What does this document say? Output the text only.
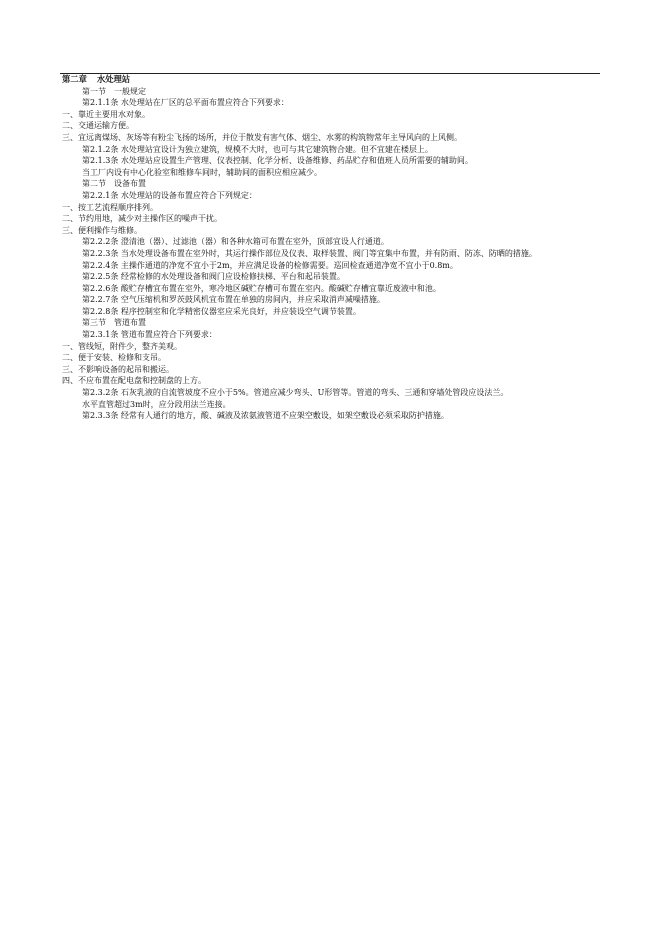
第二章 水处理站

第一节　一般规定

第2.1.1条 水处理站在厂区的总平面布置应符合下列要求：

一、靠近主要用水对象。

二、交通运输方便。

三、宜远离煤场、灰场等有粉尘飞扬的场所，并位于散发有害气体、烟尘、水雾的构筑物常年主导风向的上风侧。

第2.1.2条 水处理站宜设计为独立建筑，规模不大时，也可与其它建筑物合建。但不宜建在楼层上。

第2.1.3条 水处理站应设置生产管理、仪表控制、化学分析、设备维修、药品贮存和值班人员所需要的辅助间。

当工厂内设有中心化验室和维修车间时，辅助间的面积应相应减少。

第二节　设备布置

第2.2.1条 水处理站的设备布置应符合下列规定：

一、按工艺流程顺序排列。

二、节约用地，减少对主操作区的噪声干扰。

三、便利操作与维修。

第2.2.2条 澄清池（器）、过滤池（器）和各种水箱可布置在室外，顶部宜设人行通道。

第2.2.3条 当水处理设备布置在室外时，其运行操作部位及仪表、取样装置、阀门等宜集中布置，并有防雨、防冻、防晒的措施。

第2.2.4条 主操作通道的净宽不宜小于2m，并应满足设备的检修需要。巡回检查通道净宽不宜小于0.8m。

第2.2.5条 经常检修的水处理设备和阀门应设检修扶梯、平台和起吊装置。

第2.2.6条 酸贮存槽宜布置在室外，寒冷地区碱贮存槽可布置在室内。酸碱贮存槽宜靠近废液中和池。

第2.2.7条 空气压缩机和罗茨鼓风机宜布置在单独的房间内，并应采取消声减噪措施。

第2.2.8条 程序控制室和化学精密仪器室应采光良好，并应装设空气调节装置。

第三节　管道布置

第2.3.1条 管道布置应符合下列要求：

一、管线短，附件少，整齐美观。

二、便于安装、检修和支吊。

三、不影响设备的起吊和搬运。

四、不应布置在配电盘和控制盘的上方。

第2.3.2条 石灰乳液的自流管坡度不应小于5%。管道应减少弯头、U形管等。管道的弯头、三通和穿墙处管段应设法兰。

水平直管超过3m时，应分段用法兰连接。

第2.3.3条 经常有人通行的地方，酸、碱液及浓氨液管道不应架空敷设，如架空敷设必须采取防护措施。
